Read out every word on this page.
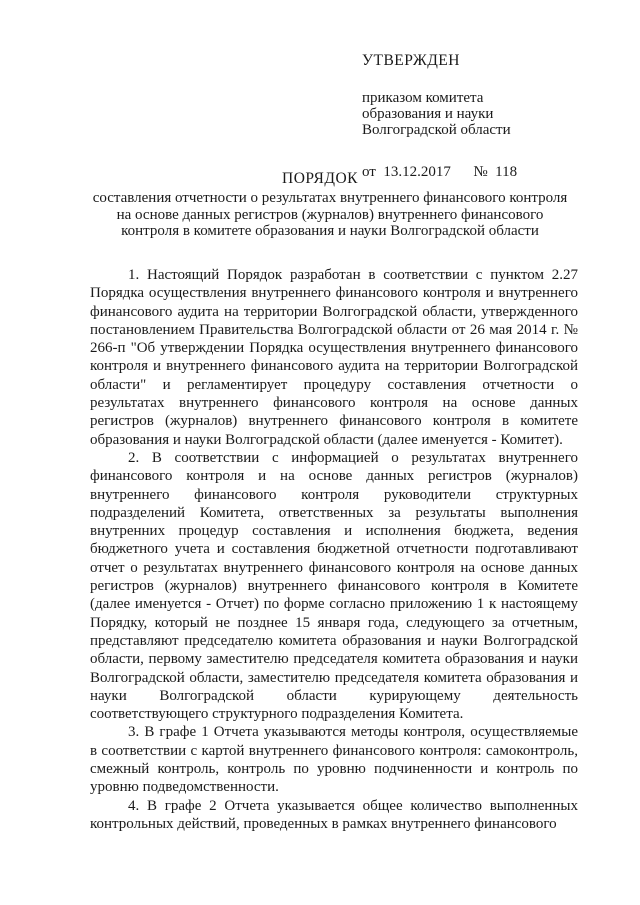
УТВЕРЖДЕН
приказом комитета
образования и науки
Волгоградской области
от 13.12.2017 № 118
ПОРЯДОК
составления отчетности о результатах внутреннего финансового контроля
на основе данных регистров (журналов) внутреннего финансового
контроля в комитете образования и науки Волгоградской области

1. Настоящий Порядок разработан в соответствии с пунктом 2.27 Порядка осуществления внутреннего финансового контроля и внутреннего финансового аудита на территории Волгоградской области, утвержденного постановлением Правительства Волгоградской области от 26 мая 2014 г. № 266-п "Об утверждении Порядка осуществления внутреннего финансового контроля и внутреннего финансового аудита на территории Волгоградской области" и регламентирует процедуру составления отчетности о результатах внутреннего финансового контроля на основе данных регистров (журналов) внутреннего финансового контроля в комитете образования и науки Волгоградской области (далее именуется - Комитет).

2. В соответствии с информацией о результатах внутреннего финансового контроля и на основе данных регистров (журналов) внутреннего финансового контроля руководители структурных подразделений Комитета, ответственных за результаты выполнения внутренних процедур составления и исполнения бюджета, ведения бюджетного учета и составления бюджетной отчетности подготавливают отчет о результатах внутреннего финансового контроля на основе данных регистров (журналов) внутреннего финансового контроля в Комитете (далее именуется - Отчет) по форме согласно приложению 1 к настоящему Порядку, который не позднее 15 января года, следующего за отчетным, представляют председателю комитета образования и науки Волгоградской области, первому заместителю председателя комитета образования и науки Волгоградской области, заместителю председателя комитета образования и науки Волгоградской области курирующему деятельность соответствующего структурного подразделения Комитета.

3. В графе 1 Отчета указываются методы контроля, осуществляемые в соответствии с картой внутреннего финансового контроля: самоконтроль, смежный контроль, контроль по уровню подчиненности и контроль по уровню подведомственности.

4. В графе 2 Отчета указывается общее количество выполненных контрольных действий, проведенных в рамках внутреннего финансового
